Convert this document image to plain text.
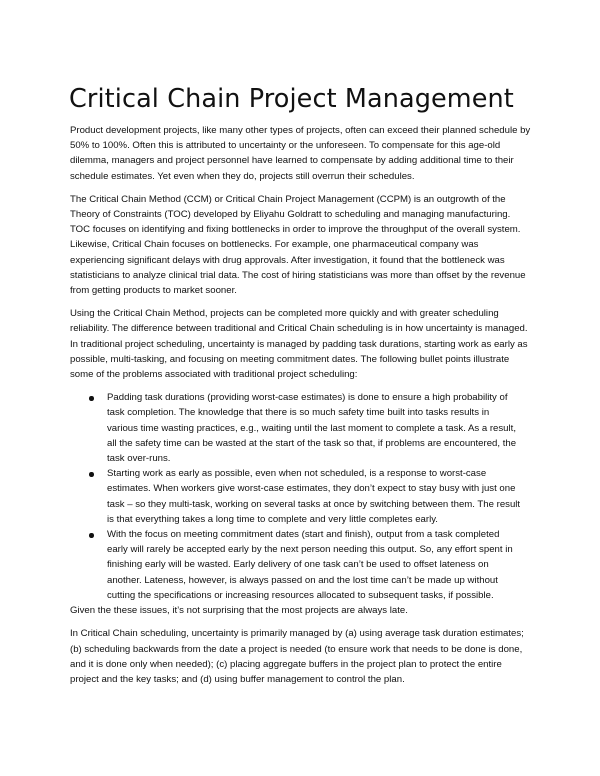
Critical Chain Project Management

Product development projects, like many other types of projects, often can exceed their planned schedule by 50% to 100%. Often this is attributed to uncertainty or the unforeseen. To compensate for this age-old dilemma, managers and project personnel have learned to compensate by adding additional time to their schedule estimates. Yet even when they do, projects still overrun their schedules.

The Critical Chain Method (CCM) or Critical Chain Project Management (CCPM) is an outgrowth of the Theory of Constraints (TOC) developed by Eliyahu Goldratt to scheduling and managing manufacturing. TOC focuses on identifying and fixing bottlenecks in order to improve the throughput of the overall system. Likewise, Critical Chain focuses on bottlenecks. For example, one pharmaceutical company was experiencing significant delays with drug approvals. After investigation, it found that the bottleneck was statisticians to analyze clinical trial data. The cost of hiring statisticians was more than offset by the revenue from getting products to market sooner.

Using the Critical Chain Method, projects can be completed more quickly and with greater scheduling reliability. The difference between traditional and Critical Chain scheduling is in how uncertainty is managed. In traditional project scheduling, uncertainty is managed by padding task durations, starting work as early as possible, multi-tasking, and focusing on meeting commitment dates. The following bullet points illustrate some of the problems associated with traditional project scheduling:

Padding task durations (providing worst-case estimates) is done to ensure a high probability of task completion. The knowledge that there is so much safety time built into tasks results in various time wasting practices, e.g., waiting until the last moment to complete a task. As a result, all the safety time can be wasted at the start of the task so that, if problems are encountered, the task over-runs.
Starting work as early as possible, even when not scheduled, is a response to worst-case estimates. When workers give worst-case estimates, they don’t expect to stay busy with just one task – so they multi-task, working on several tasks at once by switching between them. The result is that everything takes a long time to complete and very little completes early.
With the focus on meeting commitment dates (start and finish), output from a task completed early will rarely be accepted early by the next person needing this output. So, any effort spent in finishing early will be wasted. Early delivery of one task can’t be used to offset lateness on another. Lateness, however, is always passed on and the lost time can’t be made up without cutting the specifications or increasing resources allocated to subsequent tasks, if possible.

Given the these issues, it’s not surprising that the most projects are always late.

In Critical Chain scheduling, uncertainty is primarily managed by (a) using average task duration estimates; (b) scheduling backwards from the date a project is needed (to ensure work that needs to be done is done, and it is done only when needed); (c) placing aggregate buffers in the project plan to protect the entire project and the key tasks; and (d) using buffer management to control the plan.
